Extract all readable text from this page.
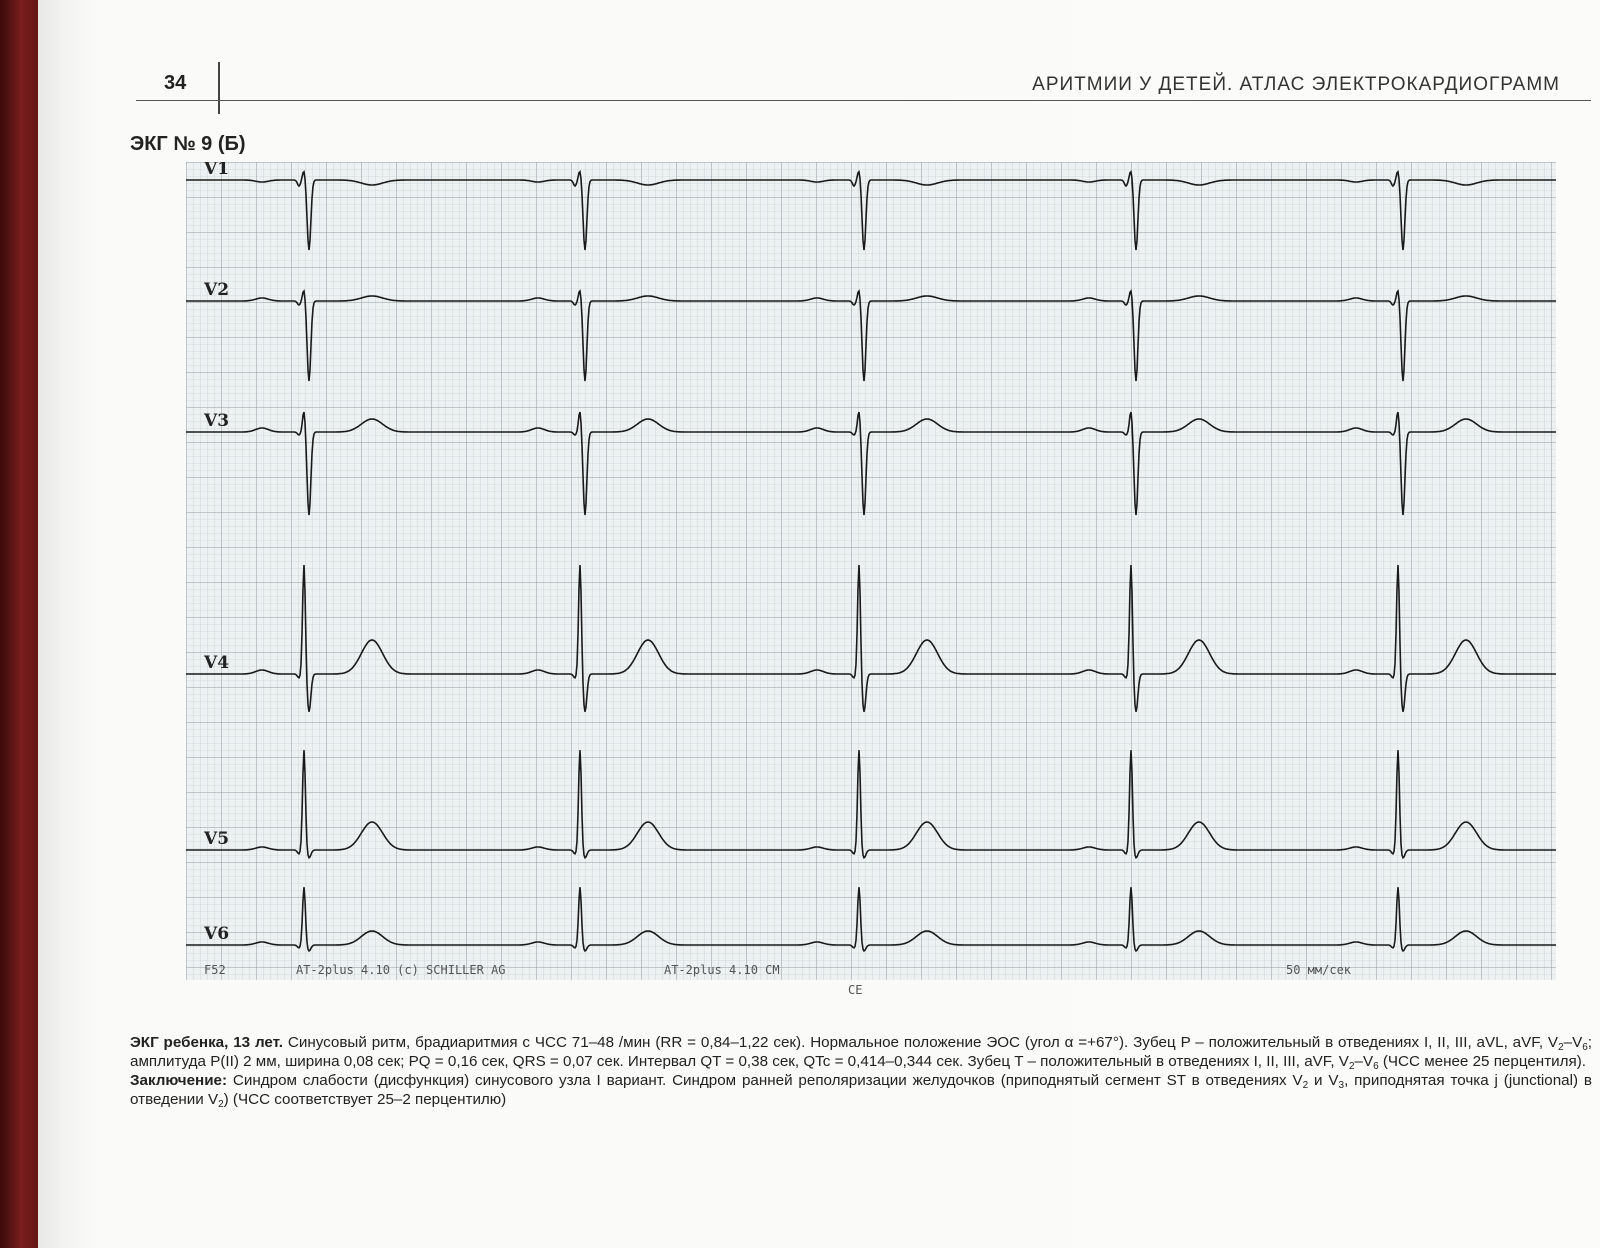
34	АРИТМИИ У ДЕТЕЙ. АТЛАС ЭЛЕКТРОКАРДИОГРАММ
ЭКГ № 9 (Б)
V1
V2
V3
V4
V5
V6
F52	AT-2plus 4.10 (c) SCHILLER AG	AT-2plus 4.10 CM	50 мм/сек
CE
ЭКГ ребенка, 13 лет. Синусовый ритм, брадиаритмия с ЧСС 71–48 /мин (RR = 0,84–1,22 сек). Нормальное положение ЭОС (угол α =+67°). Зубец P – положительный в отведениях I, II, III, aVL, aVF, $V_2-V_6$; амплитуда P(II) 2 мм, ширина 0,08 сек; PQ = 0,16 сек, QRS = 0,07 сек. Интервал QT = 0,38 сек, QTc = 0,414–0,344 сек. Зубец T – положительный в отведениях I, II, III, aVF, $V_2-V_6$ (ЧСС менее 25 перцентиля).
Заключение: Синдром слабости (дисфункция) синусового узла I вариант. Синдром ранней реполяризации желудочков (приподнятый сегмент ST в отведениях $V_2$ и $V_3$, приподнятая точка j (junctional) в отведении $V_2$) (ЧСС соответствует 25–2 перцентилю)
